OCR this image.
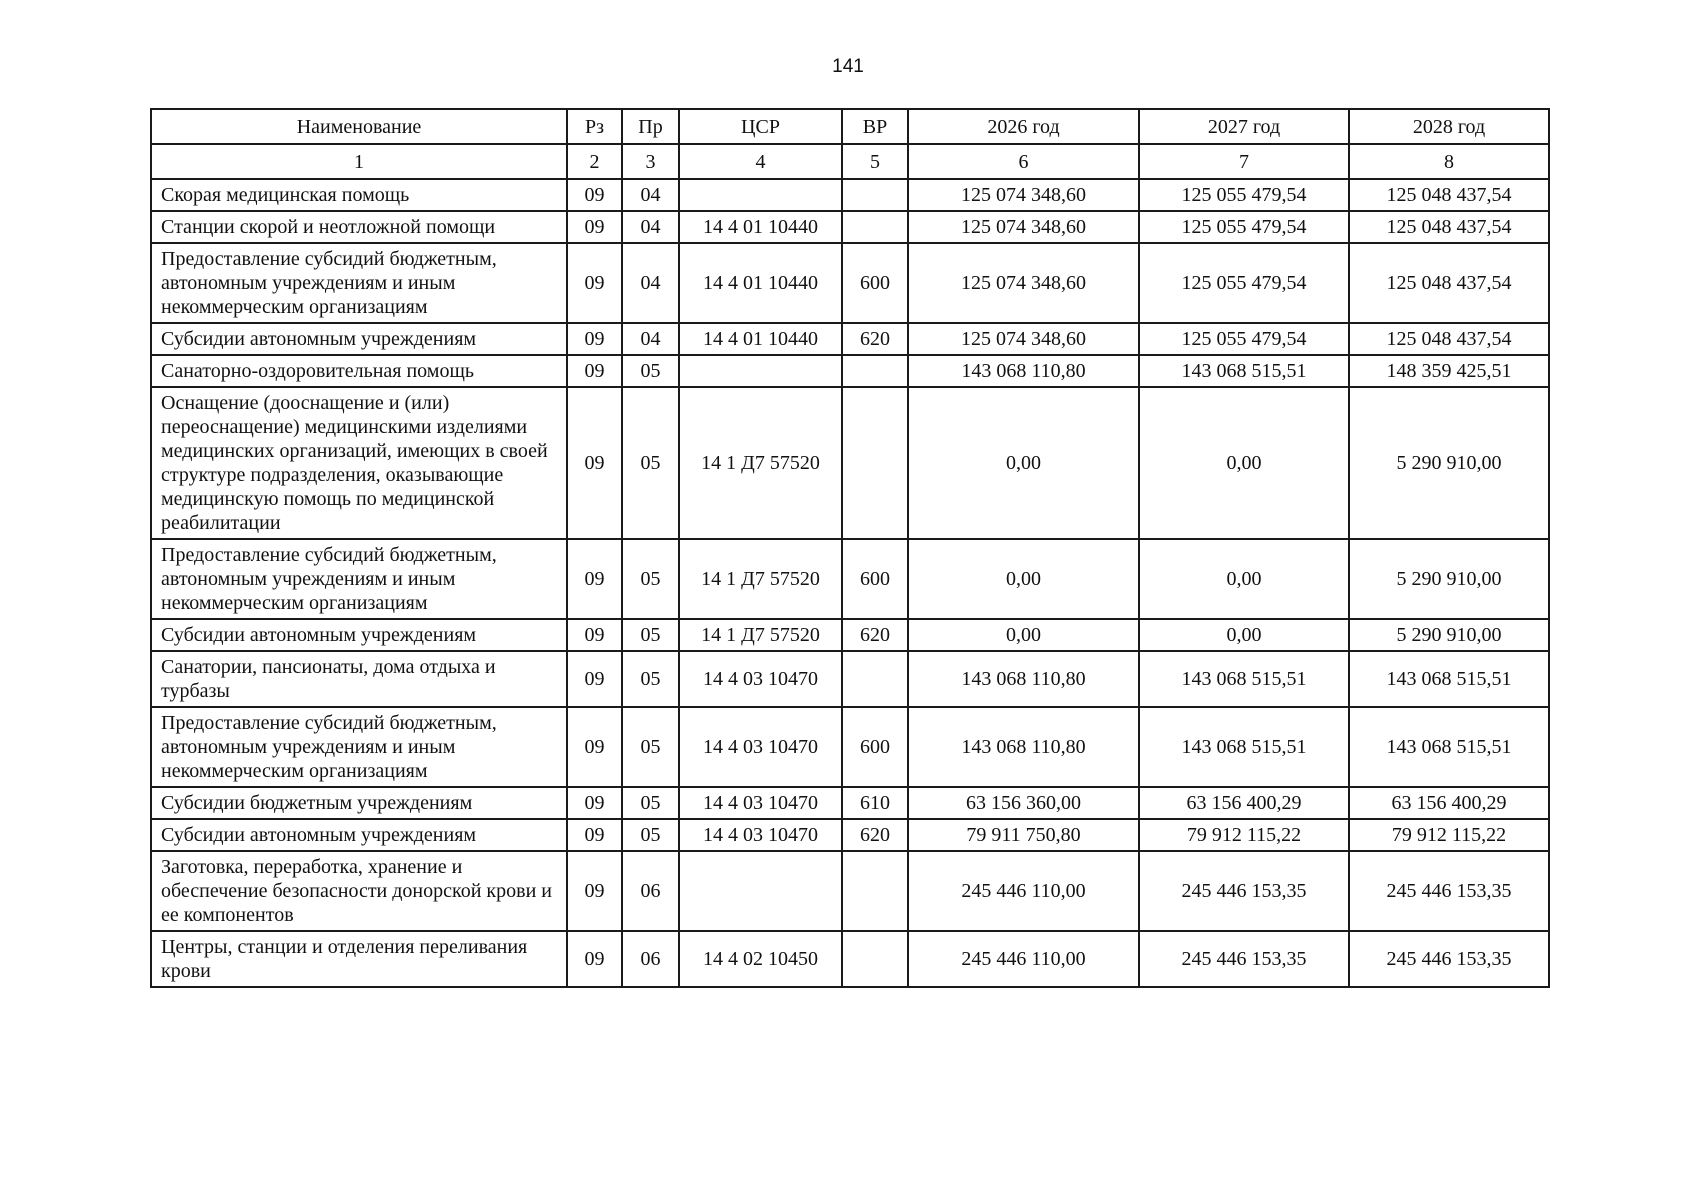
141
Наименование	Рз	Пр	ЦСР	ВР	2026 год	2027 год	2028 год
1	2	3	4	5	6	7	8
Скорая медицинская помощь	09	04			125 074 348,60	125 055 479,54	125 048 437,54
Станции скорой и неотложной помощи	09	04	14 4 01 10440		125 074 348,60	125 055 479,54	125 048 437,54
Предоставление субсидий бюджетным, автономным учреждениям и иным некоммерческим организациям	09	04	14 4 01 10440	600	125 074 348,60	125 055 479,54	125 048 437,54
Субсидии автономным учреждениям	09	04	14 4 01 10440	620	125 074 348,60	125 055 479,54	125 048 437,54
Санаторно-оздоровительная помощь	09	05			143 068 110,80	143 068 515,51	148 359 425,51
Оснащение (дооснащение и (или) переоснащение) медицинскими изделиями медицинских организаций, имеющих в своей структуре подразделения, оказывающие медицинскую помощь по медицинской реабилитации	09	05	14 1 Д7 57520		0,00	0,00	5 290 910,00
Предоставление субсидий бюджетным, автономным учреждениям и иным некоммерческим организациям	09	05	14 1 Д7 57520	600	0,00	0,00	5 290 910,00
Субсидии автономным учреждениям	09	05	14 1 Д7 57520	620	0,00	0,00	5 290 910,00
Санатории, пансионаты, дома отдыха и турбазы	09	05	14 4 03 10470		143 068 110,80	143 068 515,51	143 068 515,51
Предоставление субсидий бюджетным, автономным учреждениям и иным некоммерческим организациям	09	05	14 4 03 10470	600	143 068 110,80	143 068 515,51	143 068 515,51
Субсидии бюджетным учреждениям	09	05	14 4 03 10470	610	63 156 360,00	63 156 400,29	63 156 400,29
Субсидии автономным учреждениям	09	05	14 4 03 10470	620	79 911 750,80	79 912 115,22	79 912 115,22
Заготовка, переработка, хранение и обеспечение безопасности донорской крови и ее компонентов	09	06			245 446 110,00	245 446 153,35	245 446 153,35
Центры, станции и отделения переливания крови	09	06	14 4 02 10450		245 446 110,00	245 446 153,35	245 446 153,35
